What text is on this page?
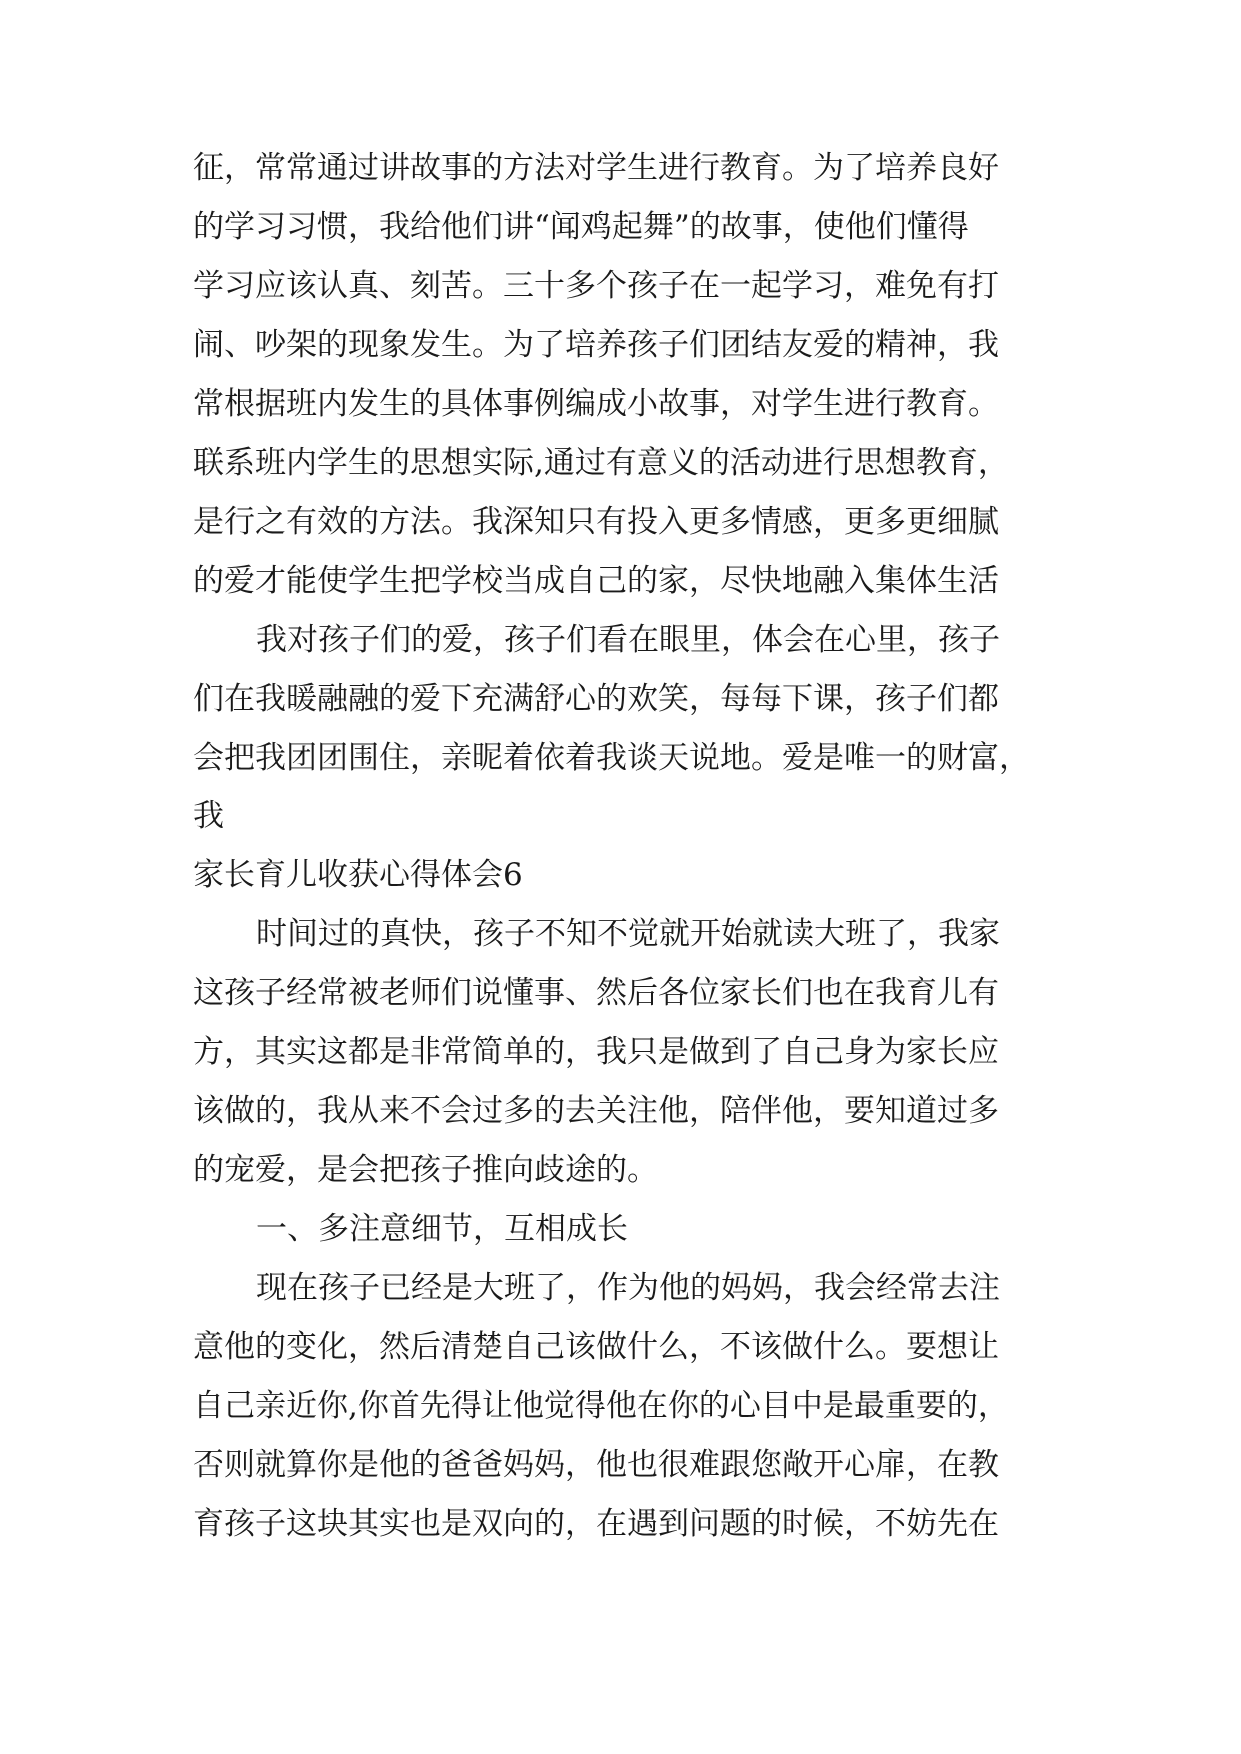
征，常常通过讲故事的方法对学生进行教育。为了培养良好
的学习习惯，我给他们讲“闻鸡起舞”的故事，使他们懂得
学习应该认真、刻苦。三十多个孩子在一起学习，难免有打
闹、吵架的现象发生。为了培养孩子们团结友爱的精神，我
常根据班内发生的具体事例编成小故事，对学生进行教育。
联系班内学生的思想实际,通过有意义的活动进行思想教育，
是行之有效的方法。我深知只有投入更多情感，更多更细腻
的爱才能使学生把学校当成自己的家，尽快地融入集体生活
我对孩子们的爱，孩子们看在眼里，体会在心里，孩子
们在我暖融融的爱下充满舒心的欢笑，每每下课，孩子们都
会把我团团围住，亲昵着依着我谈天说地。爱是唯一的财富，
我
家长育儿收获心得体会6
时间过的真快，孩子不知不觉就开始就读大班了，我家
这孩子经常被老师们说懂事、然后各位家长们也在我育儿有
方，其实这都是非常简单的，我只是做到了自己身为家长应
该做的，我从来不会过多的去关注他，陪伴他，要知道过多
的宠爱，是会把孩子推向歧途的。
一、多注意细节，互相成长
现在孩子已经是大班了，作为他的妈妈，我会经常去注
意他的变化，然后清楚自己该做什么，不该做什么。要想让
自己亲近你,你首先得让他觉得他在你的心目中是最重要的，
否则就算你是他的爸爸妈妈，他也很难跟您敞开心扉，在教
育孩子这块其实也是双向的，在遇到问题的时候，不妨先在
